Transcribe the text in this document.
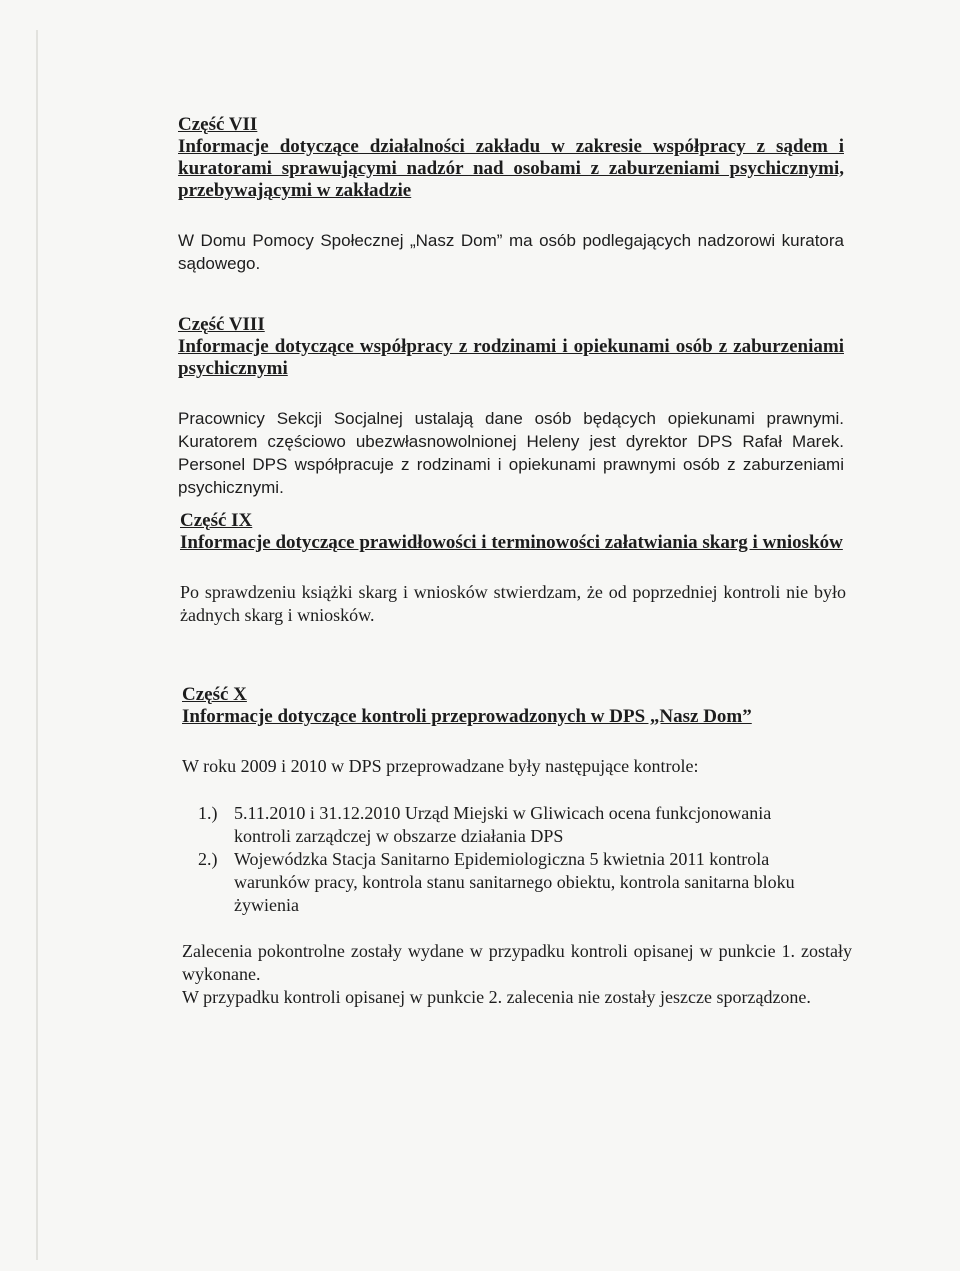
Część VII

Informacje dotyczące działalności zakładu w zakresie współpracy z sądem i kuratorami sprawującymi nadzór nad osobami z zaburzeniami psychicznymi, przebywającymi w zakładzie

W Domu Pomocy Społecznej „Nasz Dom” ma osób podlegających nadzorowi kuratora sądowego.

Część VIII

Informacje dotyczące współpracy z rodzinami i opiekunami osób z zaburzeniami psychicznymi

Pracownicy Sekcji Socjalnej ustalają dane osób będących opiekunami prawnymi. Kuratorem częściowo ubezwłasnowolnionej Heleny jest dyrektor DPS Rafał Marek. Personel DPS współpracuje z rodzinami i opiekunami prawnymi osób z zaburzeniami psychicznymi.

Część IX

Informacje dotyczące prawidłowości i terminowości załatwiania skarg i wniosków

Po sprawdzeniu książki skarg i wniosków stwierdzam, że od poprzedniej kontroli nie było żadnych skarg i wniosków.

Część X

Informacje dotyczące kontroli przeprowadzonych w DPS „Nasz Dom”

W roku 2009 i 2010 w DPS przeprowadzane były następujące kontrole:

1.) 5.11.2010 i 31.12.2010 Urząd Miejski w Gliwicach ocena funkcjonowania kontroli zarządczej w obszarze działania DPS
2.) Wojewódzka Stacja Sanitarno Epidemiologiczna 5 kwietnia 2011 kontrola warunków pracy, kontrola stanu sanitarnego obiektu, kontrola sanitarna bloku żywienia

Zalecenia pokontrolne zostały wydane w przypadku kontroli opisanej w punkcie 1. zostały wykonane.

W przypadku kontroli opisanej w punkcie 2. zalecenia nie zostały jeszcze sporządzone.
